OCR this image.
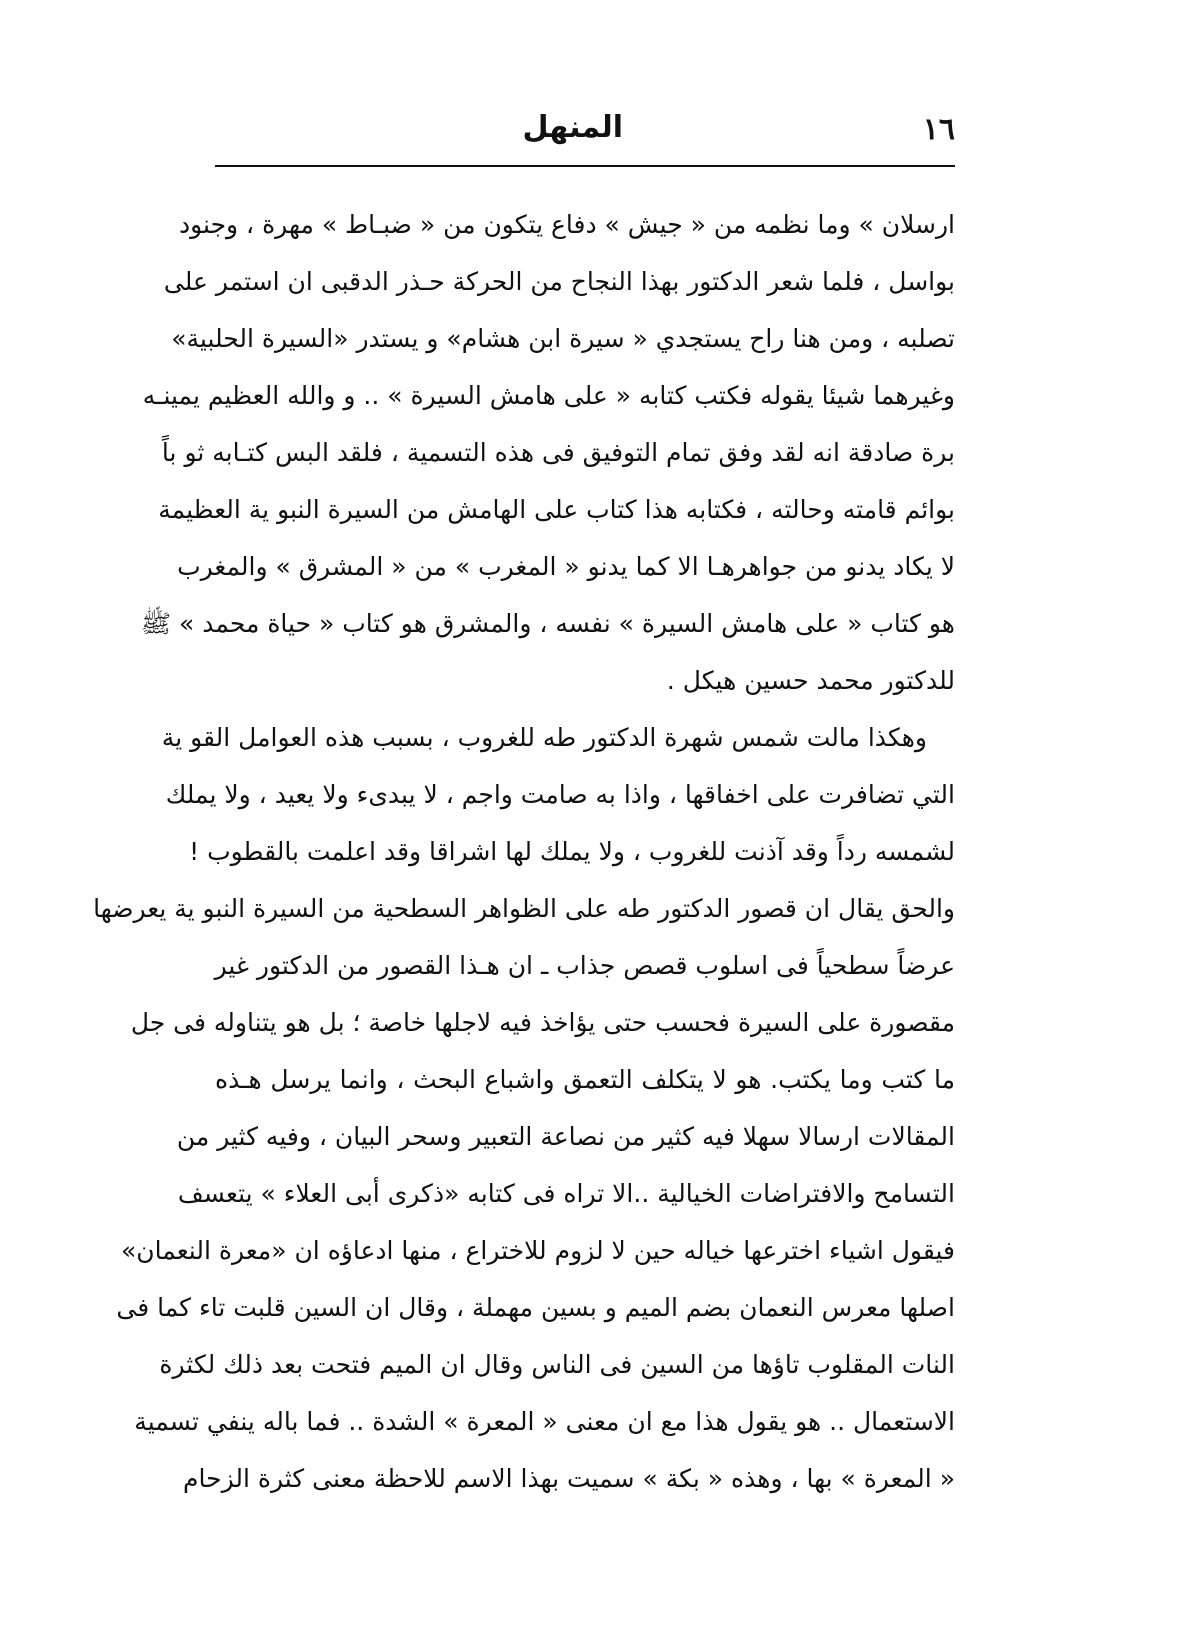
١٦
المنهل
ارسلان » وما نظمه من « جيش » دفاع يتكون من « ضبـاط » مهرة ، وجنود
بواسل ، فلما شعر الدكتور بهذا النجاح من الحركة حـذر الدقبى ان استمر على
تصلبه ، ومن هنا راح يستجدي « سيرة ابن هشام» و يستدر «السيرة الحلبية»
وغيرهما شيئا يقوله فكتب كتابه « على هامش السيرة » .. و والله العظيم يمينـه
برة صادقة انه لقد وفق تمام التوفيق فى هذه التسمية ، فلقد البس كتـابه ثو باً
بوائم قامته وحالته ، فكتابه هذا كتاب على الهامش من السيرة النبو ية العظيمة
لا يكاد يدنو من جواهرهـا الا كما يدنو « المغرب » من « المشرق » والمغرب
هو كتاب « على هامش السيرة » نفسه ، والمشرق هو كتاب « حياة محمد » ﷺ
للدكتور محمد حسين هيكل .
وهكذا مالت شمس شهرة الدكتور طه للغروب ، بسبب هذه العوامل القو ية
التي تضافرت على اخفاقها ، واذا به صامت واجم ، لا يبدىء ولا يعيد ، ولا يملك
لشمسه رداً وقد آذنت للغروب ، ولا يملك لها اشراقا وقد اعلمت بالقطوب !
والحق يقال ان قصور الدكتور طه على الظواهر السطحية من السيرة النبو ية يعرضها
عرضاً سطحياً فى اسلوب قصص جذاب ـ ان هـذا القصور من الدكتور غير
مقصورة على السيرة فحسب حتى يؤاخذ فيه لاجلها خاصة ؛ بل هو يتناوله فى جل
ما كتب وما يكتب. هو لا يتكلف التعمق واشباع البحث ، وانما يرسل هـذه
المقالات ارسالا سهلا فيه كثير من نصاعة التعبير وسحر البيان ، وفيه كثير من
التسامح والافتراضات الخيالية ..الا تراه فى كتابه «ذكرى أبى العلاء » يتعسف
فيقول اشياء اخترعها خياله حين لا لزوم للاختراع ، منها ادعاؤه ان «معرة النعمان»
اصلها معرس النعمان بضم الميم و بسين مهملة ، وقال ان السين قلبت تاء كما فى
النات المقلوب تاؤها من السين فى الناس وقال ان الميم فتحت بعد ذلك لكثرة
الاستعمال .. هو يقول هذا مع ان معنى « المعرة » الشدة .. فما باله ينفي تسمية
« المعرة » بها ، وهذه « بكة » سميت بهذا الاسم للاحظة معنى كثرة الزحام
